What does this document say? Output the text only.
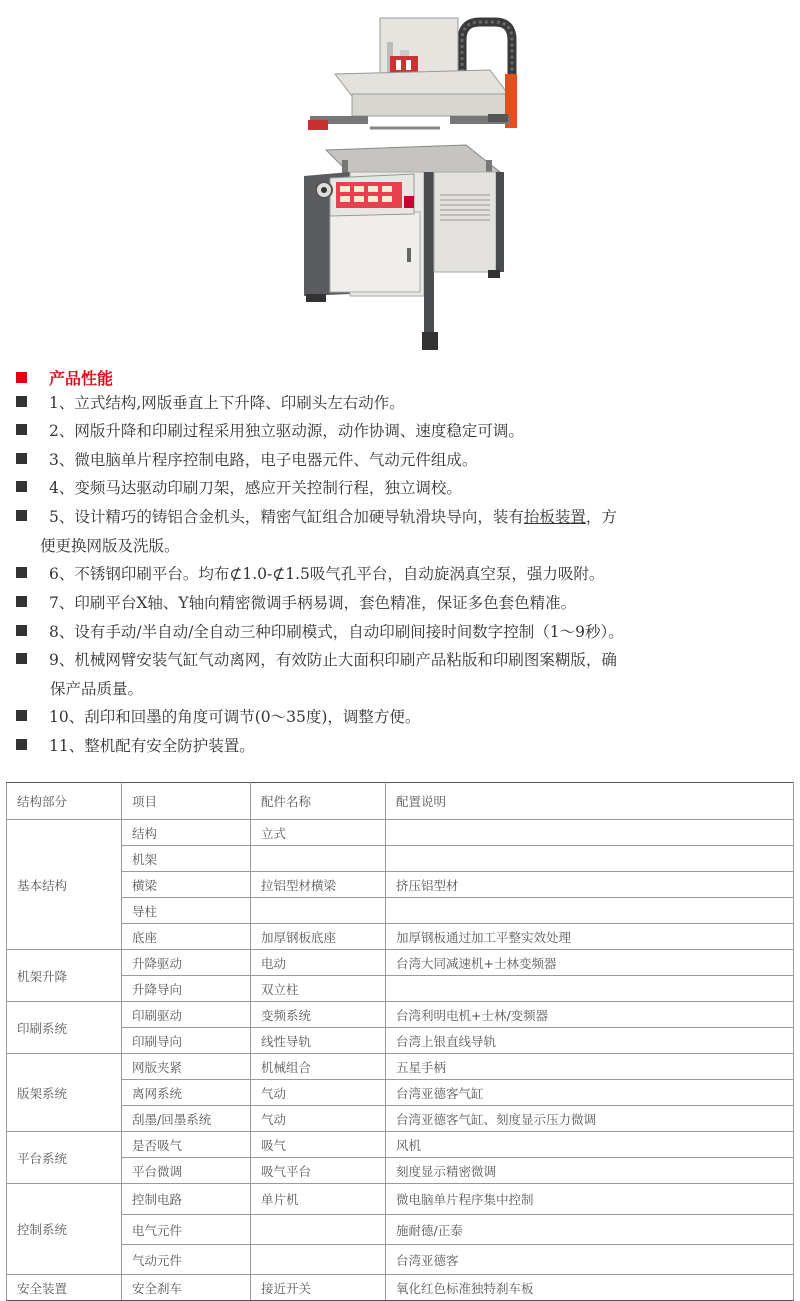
产品性能
1、立式结构,网版垂直上下升降、印刷头左右动作。
2、网版升降和印刷过程采用独立驱动源，动作协调、速度稳定可调。
3、微电脑单片程序控制电路，电子电器元件、气动元件组成。
4、变频马达驱动印刷刀架，感应开关控制行程，独立调校。
5、设计精巧的铸铝合金机头，精密气缸组合加硬导轨滑块导向，装有抬板装置，方
便更换网版及洗版。
6、不锈钢印刷平台。均布⊄1.0-⊄1.5吸气孔平台，自动旋涡真空泵，强力吸附。
7、印刷平台X轴、Y轴向精密微调手柄易调，套色精准，保证多色套色精准。
8、设有手动/半自动/全自动三种印刷模式，自动印刷间接时间数字控制（1～9秒）。
9、机械网臂安装气缸气动离网，有效防止大面积印刷产品粘版和印刷图案糊版，确
保产品质量。
10、刮印和回墨的角度可调节(0～35度)，调整方便。
11、整机配有安全防护装置。
结构部分	项目	配件名称	配置说明
基本结构	结构	立式	
	机架		
	横梁	拉铝型材横梁	挤压铝型材
	导柱		
	底座	加厚钢板底座	加厚钢板通过加工平整实效处理
机架升降	升降驱动	电动	台湾大同减速机+士林变频器
	升降导向	双立柱	
印刷系统	印刷驱动	变频系统	台湾利明电机+士林/变频器
	印刷导向	线性导轨	台湾上银直线导轨
版架系统	网版夹紧	机械组合	五星手柄
	离网系统	气动	台湾亚德客气缸
	刮墨/回墨系统	气动	台湾亚德客气缸、刻度显示压力微调
平台系统	是否吸气	吸气	风机
	平台微调	吸气平台	刻度显示精密微调
控制系统	控制电路	单片机	微电脑单片程序集中控制
	电气元件		施耐德/正泰
	气动元件		台湾亚德客
安全装置	安全刹车	接近开关	氧化红色标准独特刹车板
